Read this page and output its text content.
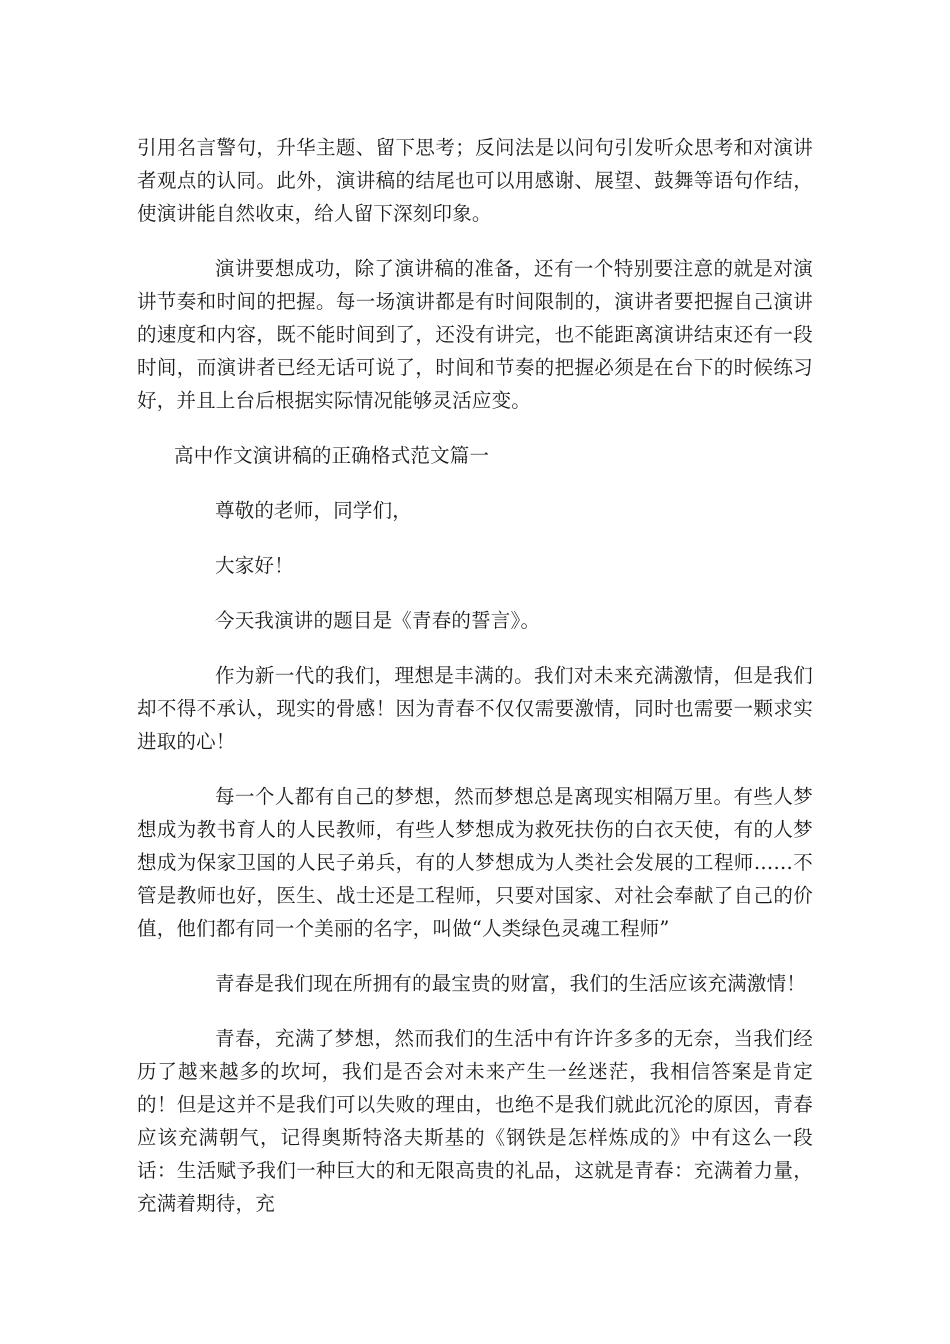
引用名言警句，升华主题、留下思考；反问法是以问句引发听众思考和对演讲者观点的认同。此外，演讲稿的结尾也可以用感谢、展望、鼓舞等语句作结，使演讲能自然收束，给人留下深刻印象。

演讲要想成功，除了演讲稿的准备，还有一个特别要注意的就是对演讲节奏和时间的把握。每一场演讲都是有时间限制的，演讲者要把握自己演讲的速度和内容，既不能时间到了，还没有讲完，也不能距离演讲结束还有一段时间，而演讲者已经无话可说了，时间和节奏的把握必须是在台下的时候练习好，并且上台后根据实际情况能够灵活应变。

高中作文演讲稿的正确格式范文篇一

尊敬的老师，同学们，

大家好！

今天我演讲的题目是《青春的誓言》。

作为新一代的我们，理想是丰满的。我们对未来充满激情，但是我们却不得不承认，现实的骨感！因为青春不仅仅需要激情，同时也需要一颗求实进取的心！

每一个人都有自己的梦想，然而梦想总是离现实相隔万里。有些人梦想成为教书育人的人民教师，有些人梦想成为救死扶伤的白衣天使，有的人梦想成为保家卫国的人民子弟兵，有的人梦想成为人类社会发展的工程师……不管是教师也好，医生、战士还是工程师，只要对国家、对社会奉献了自己的价值，他们都有同一个美丽的名字，叫做“人类绿色灵魂工程师”

青春是我们现在所拥有的最宝贵的财富，我们的生活应该充满激情！

青春，充满了梦想，然而我们的生活中有许许多多的无奈，当我们经历了越来越多的坎坷，我们是否会对未来产生一丝迷茫，我相信答案是肯定的！但是这并不是我们可以失败的理由，也绝不是我们就此沉沦的原因，青春应该充满朝气，记得奥斯特洛夫斯基的《钢铁是怎样炼成的》中有这么一段话：生活赋予我们一种巨大的和无限高贵的礼品，这就是青春：充满着力量，充满着期待，充
